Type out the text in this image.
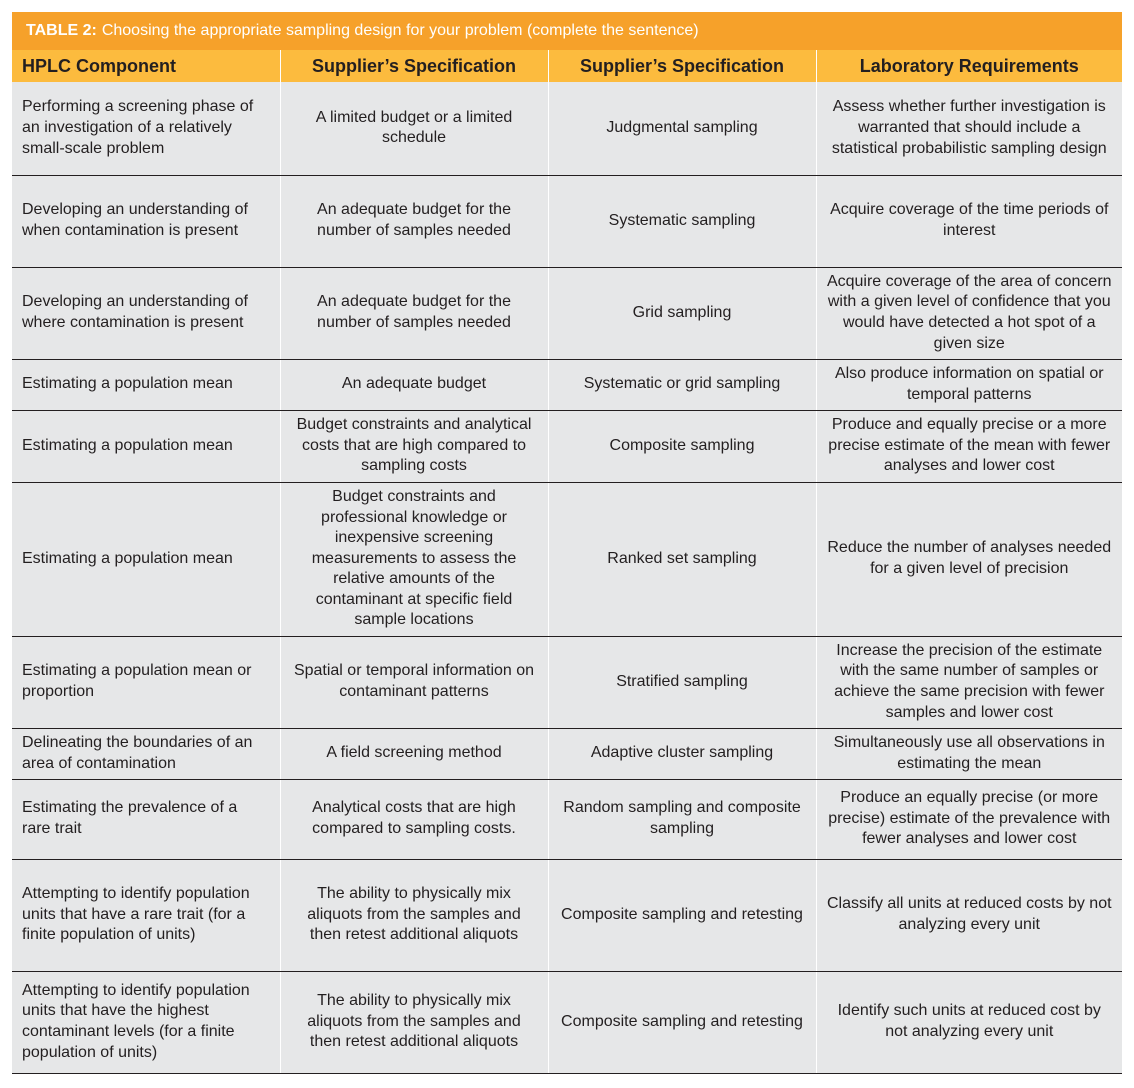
TABLE 2: Choosing the appropriate sampling design for your problem (complete the sentence)
HPLC Component	Supplier’s Specification	Supplier’s Specification	Laboratory Requirements
Performing a screening phase of an investigation of a relatively small-scale problem	A limited budget or a limited schedule	Judgmental sampling	Assess whether further investigation is warranted that should include a statistical probabilistic sampling design
Developing an understanding of when contamination is present	An adequate budget for the number of samples needed	Systematic sampling	Acquire coverage of the time periods of interest
Developing an understanding of where contamination is present	An adequate budget for the number of samples needed	Grid sampling	Acquire coverage of the area of concern with a given level of confidence that you would have detected a hot spot of a given size
Estimating a population mean	An adequate budget	Systematic or grid sampling	Also produce information on spatial or temporal patterns
Estimating a population mean	Budget constraints and analytical costs that are high compared to sampling costs	Composite sampling	Produce and equally precise or a more precise estimate of the mean with fewer analyses and lower cost
Estimating a population mean	Budget constraints and professional knowledge or inexpensive screening measurements to assess the relative amounts of the contaminant at specific field sample locations	Ranked set sampling	Reduce the number of analyses needed for a given level of precision
Estimating a population mean or proportion	Spatial or temporal information on contaminant patterns	Stratified sampling	Increase the precision of the estimate with the same number of samples or achieve the same precision with fewer samples and lower cost
Delineating the boundaries of an area of contamination	A field screening method	Adaptive cluster sampling	Simultaneously use all observations in estimating the mean
Estimating the prevalence of a rare trait	Analytical costs that are high compared to sampling costs.	Random sampling and composite sampling	Produce an equally precise (or more precise) estimate of the prevalence with fewer analyses and lower cost
Attempting to identify population units that have a rare trait (for a finite population of units)	The ability to physically mix aliquots from the samples and then retest additional aliquots	Composite sampling and retesting	Classify all units at reduced costs by not analyzing every unit
Attempting to identify population units that have the highest contaminant levels (for a finite population of units)	The ability to physically mix aliquots from the samples and then retest additional aliquots	Composite sampling and retesting	Identify such units at reduced cost by not analyzing every unit
